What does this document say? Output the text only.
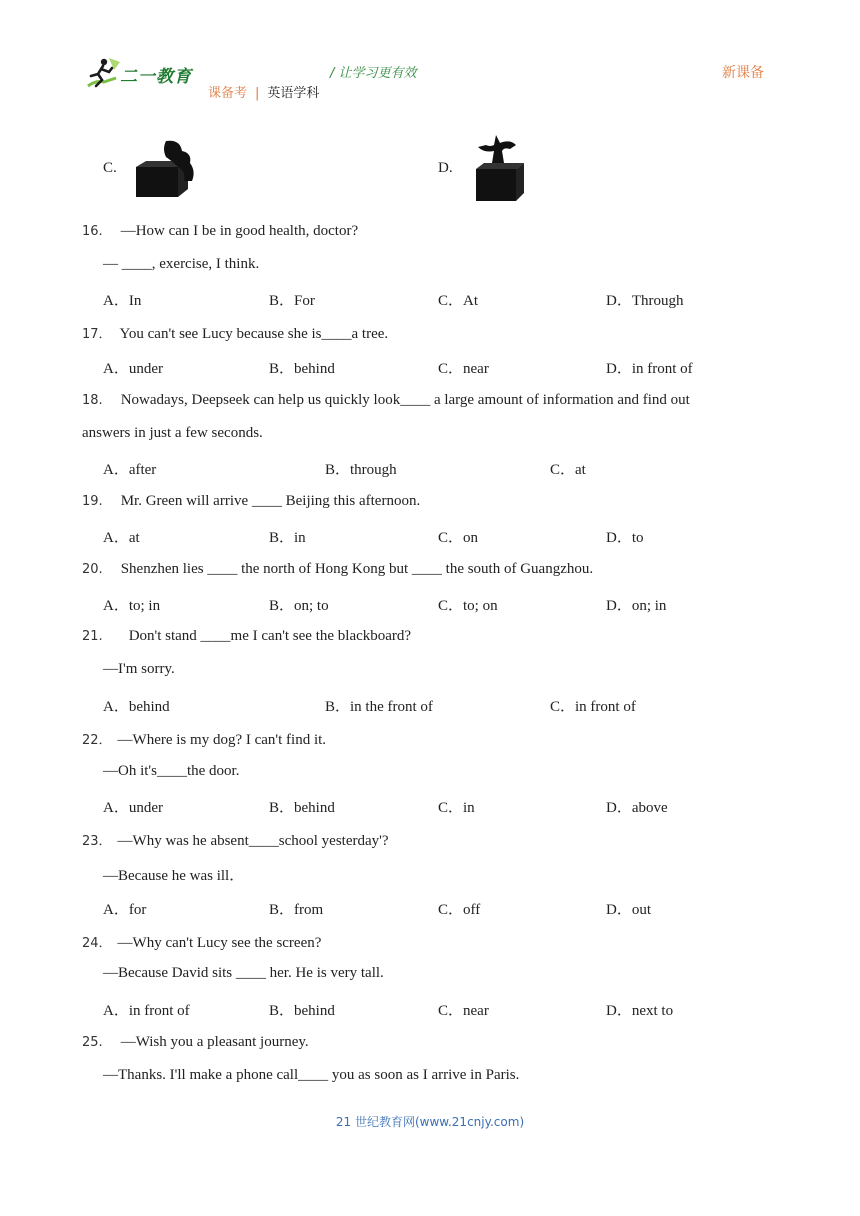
二一教育	/ 让学习更有效	新课备
课备考 | 英语学科
C.	D.
16. —How can I be in good health, doctor?
— ____, exercise, I think.
A．In	B．For	C．At	D．Through
17． You can't see Lucy because she is____a tree.
A．under	B．behind	C．near	D．in front of
18. Nowadays, Deepseek can help us quickly look____ a large amount of information and find out
answers in just a few seconds.
A．after	B．through	C．at
19. Mr. Green will arrive ____ Beijing this afternoon.
A．at	B．in	C．on	D．to
20. Shenzhen lies ____ the north of Hong Kong but ____ the south of Guangzhou.
A．to; in	B．on; to	C．to; on	D．on; in
21. Don't stand ____me I can't see the blackboard?
—I'm sorry.
A．behind	B．in the front of	C．in front of
22． —Where is my dog? I can't find it.
—Oh it's____the door.
A．under	B．behind	C．in	D．above
23． —Why was he absent____school yesterday'?
—Because he was ill．
A．for	B．from	C．off	D．out
24． —Why can't Lucy see the screen?
—Because David sits ____ her. He is very tall.
A．in front of	B．behind	C．near	D．next to
25. —Wish you a pleasant journey.
—Thanks. I'll make a phone call____ you as soon as I arrive in Paris.
21 世纪教育网(www.21cnjy.com)
